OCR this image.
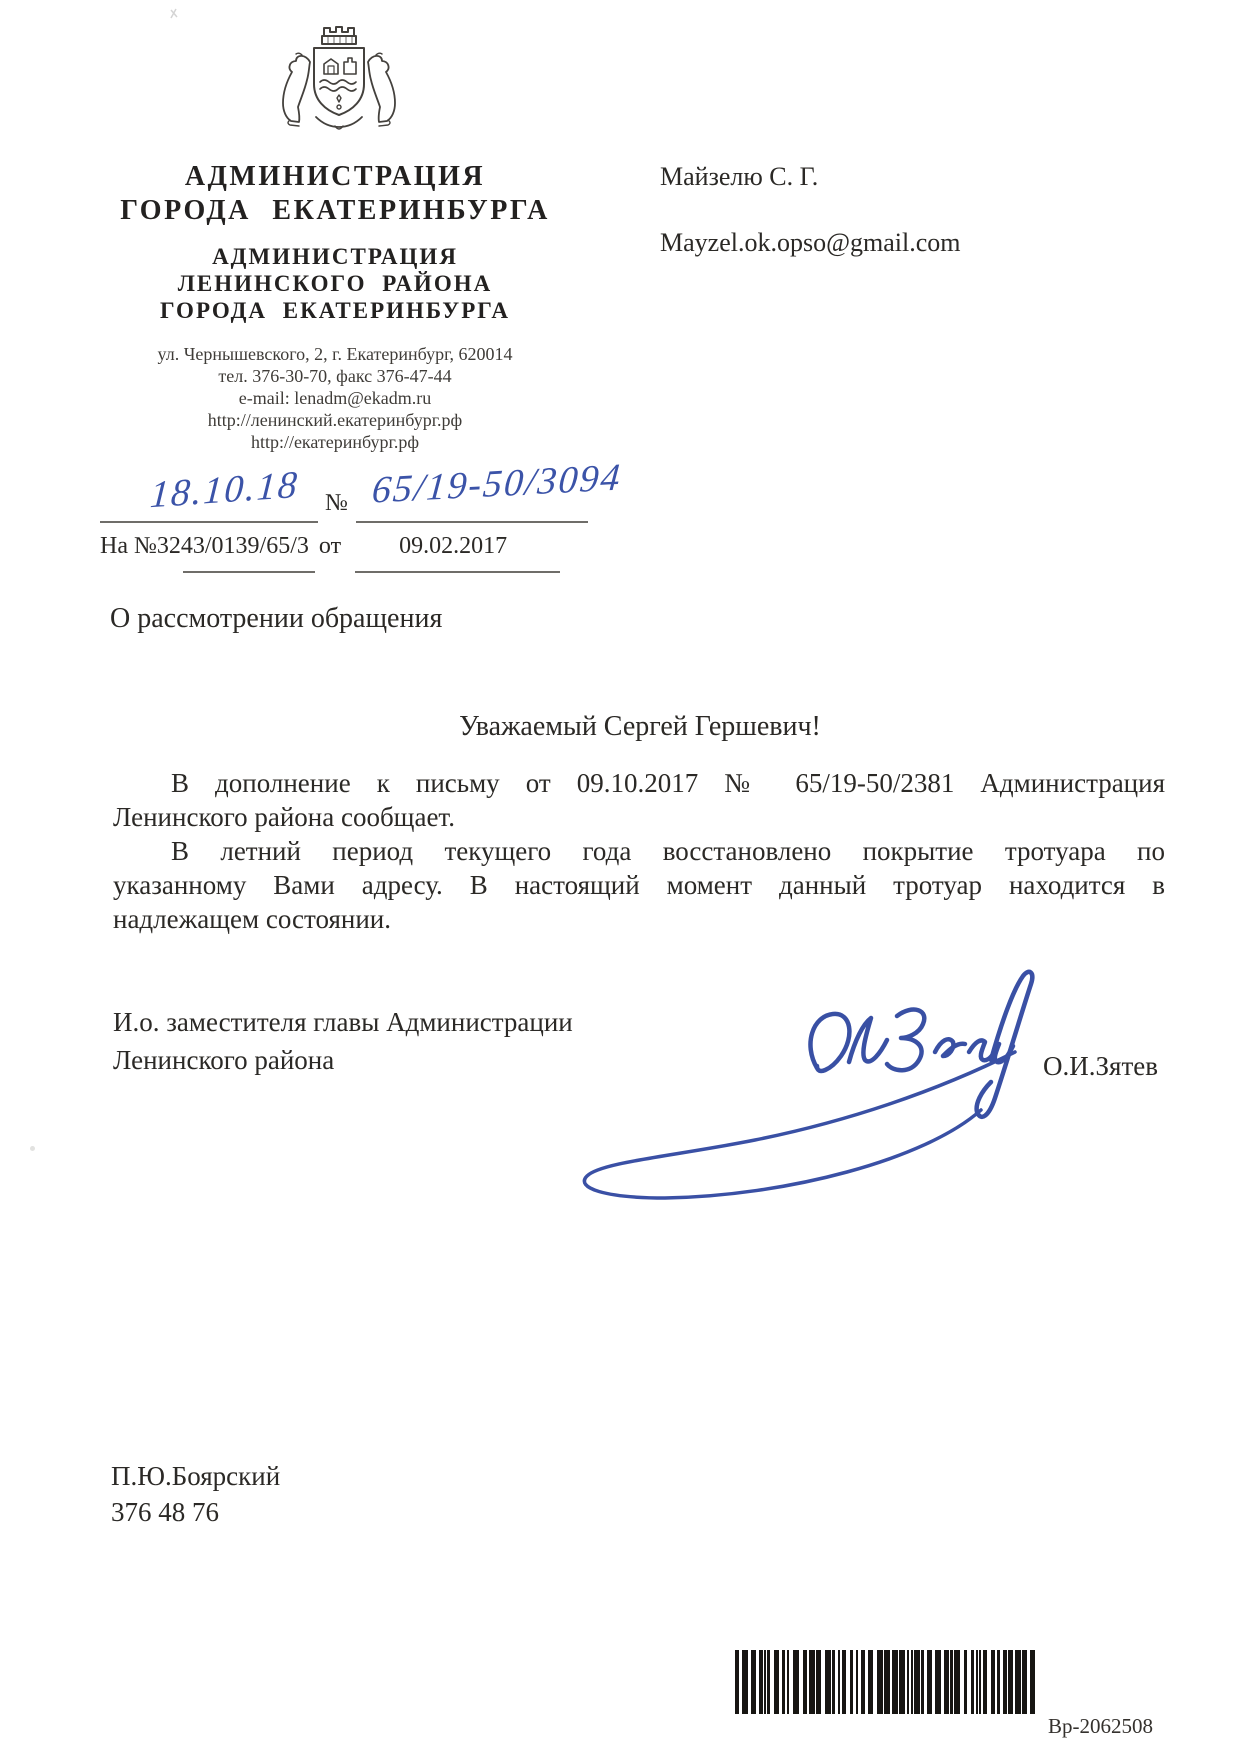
АДМИНИСТРАЦИЯ
ГОРОДА ЕКАТЕРИНБУРГА
АДМИНИСТРАЦИЯ
ЛЕНИНСКОГО РАЙОНА
ГОРОДА ЕКАТЕРИНБУРГА
ул. Чернышевского, 2, г. Екатеринбург, 620014
тел. 376-30-70, факс 376-47-44
e-mail: lenadm@ekadm.ru
http://ленинский.екатеринбург.рф
http://екатеринбург.рф
Майзелю С. Г.
Mayzel.ok.opso@gmail.com
18.10.18 № 65/19-50/3094
На №3243/0139/65/3 от 09.02.2017
О рассмотрении обращения
Уважаемый Сергей Гершевич!
В дополнение к письму от 09.10.2017 № 65/19-50/2381 Администрация
Ленинского района сообщает.
В летний период текущего года восстановлено покрытие тротуара по
указанному Вами адресу. В настоящий момент данный тротуар находится в
надлежащем состоянии.
И.о. заместителя главы Администрации
Ленинского района	О.И.Зятев
П.Ю.Боярский
376 48 76
Вр-2062508
